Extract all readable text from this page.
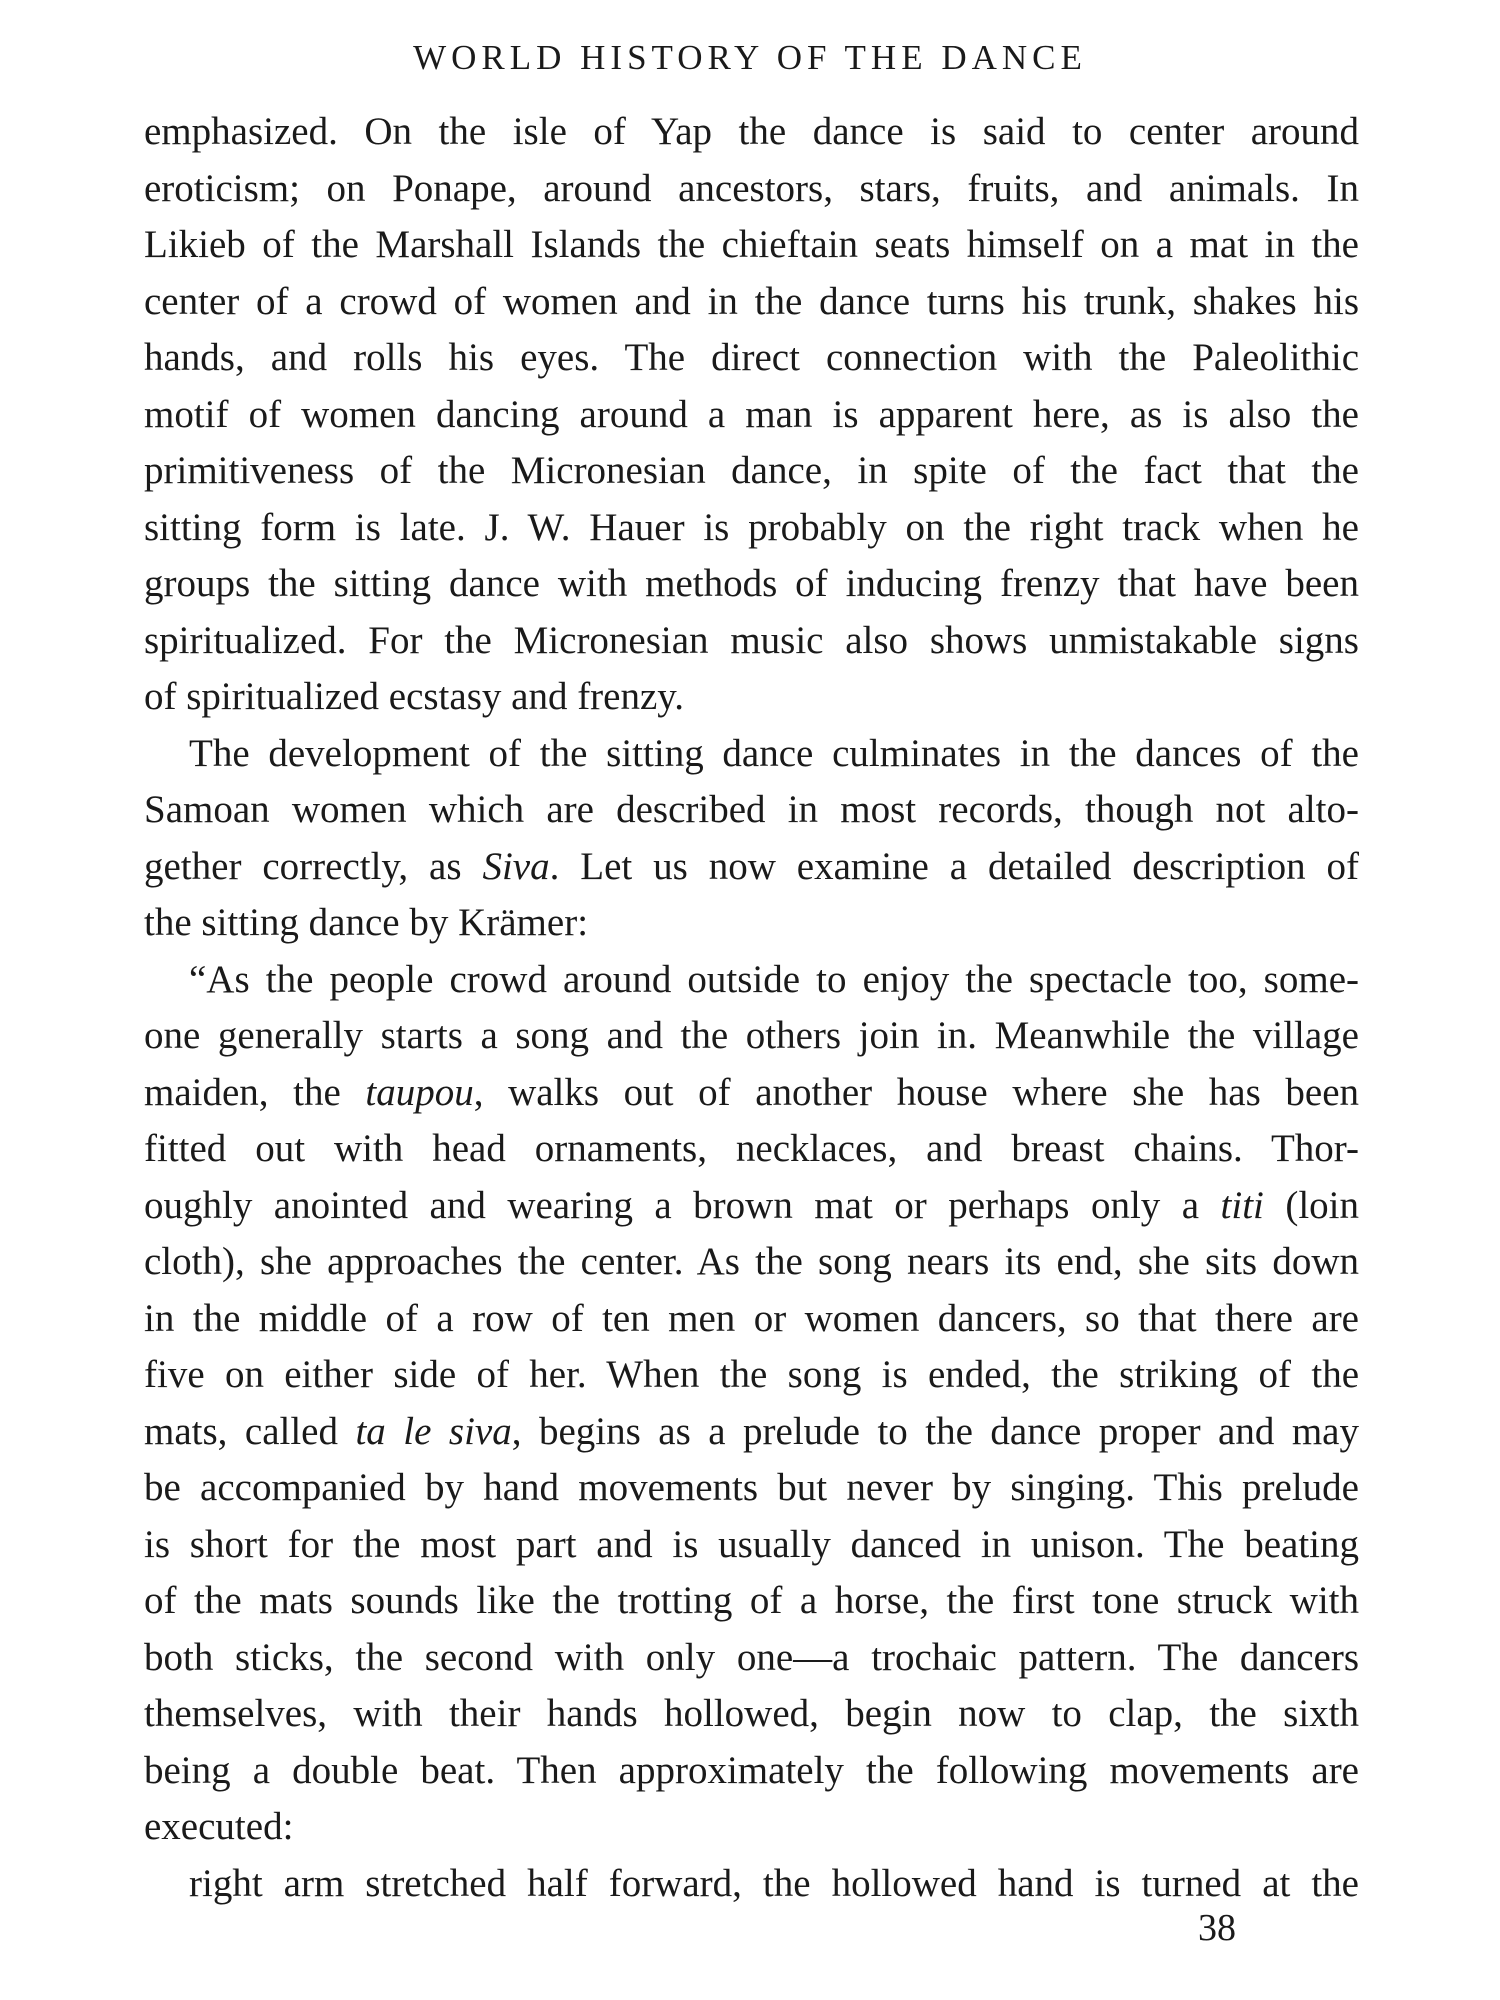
WORLD HISTORY OF THE DANCE
emphasized. On the isle of Yap the dance is said to center around
eroticism; on Ponape, around ancestors, stars, fruits, and animals. In
Likieb of the Marshall Islands the chieftain seats himself on a mat in the
center of a crowd of women and in the dance turns his trunk, shakes his
hands, and rolls his eyes. The direct connection with the Paleolithic
motif of women dancing around a man is apparent here, as is also the
primitiveness of the Micronesian dance, in spite of the fact that the
sitting form is late. J. W. Hauer is probably on the right track when he
groups the sitting dance with methods of inducing frenzy that have been
spiritualized. For the Micronesian music also shows unmistakable signs
of spiritualized ecstasy and frenzy.
The development of the sitting dance culminates in the dances of the
Samoan women which are described in most records, though not alto-
gether correctly, as Siva. Let us now examine a detailed description of
the sitting dance by Krämer:
“As the people crowd around outside to enjoy the spectacle too, some-
one generally starts a song and the others join in. Meanwhile the village
maiden, the taupou, walks out of another house where she has been
fitted out with head ornaments, necklaces, and breast chains. Thor-
oughly anointed and wearing a brown mat or perhaps only a titi (loin
cloth), she approaches the center. As the song nears its end, she sits down
in the middle of a row of ten men or women dancers, so that there are
five on either side of her. When the song is ended, the striking of the
mats, called ta le siva, begins as a prelude to the dance proper and may
be accompanied by hand movements but never by singing. This prelude
is short for the most part and is usually danced in unison. The beating
of the mats sounds like the trotting of a horse, the first tone struck with
both sticks, the second with only one—a trochaic pattern. The dancers
themselves, with their hands hollowed, begin now to clap, the sixth
being a double beat. Then approximately the following movements are
executed:
right arm stretched half forward, the hollowed hand is turned at the
38
